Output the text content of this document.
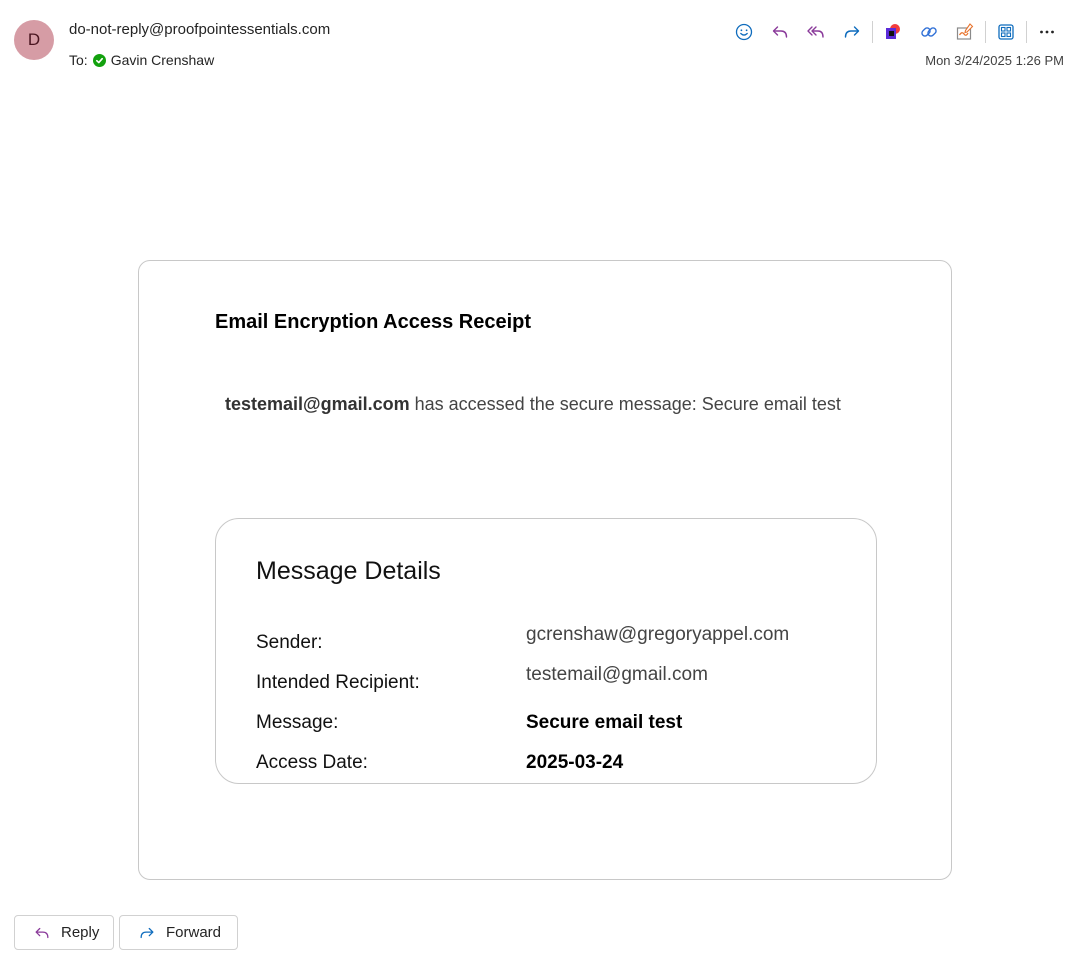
D
do-not-reply@proofpointessentials.com
To: Gavin Crenshaw	Mon 3/24/2025 1:26 PM
Email Encryption Access Receipt
testemail@gmail.com has accessed the secure message: Secure email test
Message Details
Sender:	gcrenshaw@gregoryappel.com
Intended Recipient:	testemail@gmail.com
Message:	Secure email test
Access Date:	2025-03-24
Reply	Forward
